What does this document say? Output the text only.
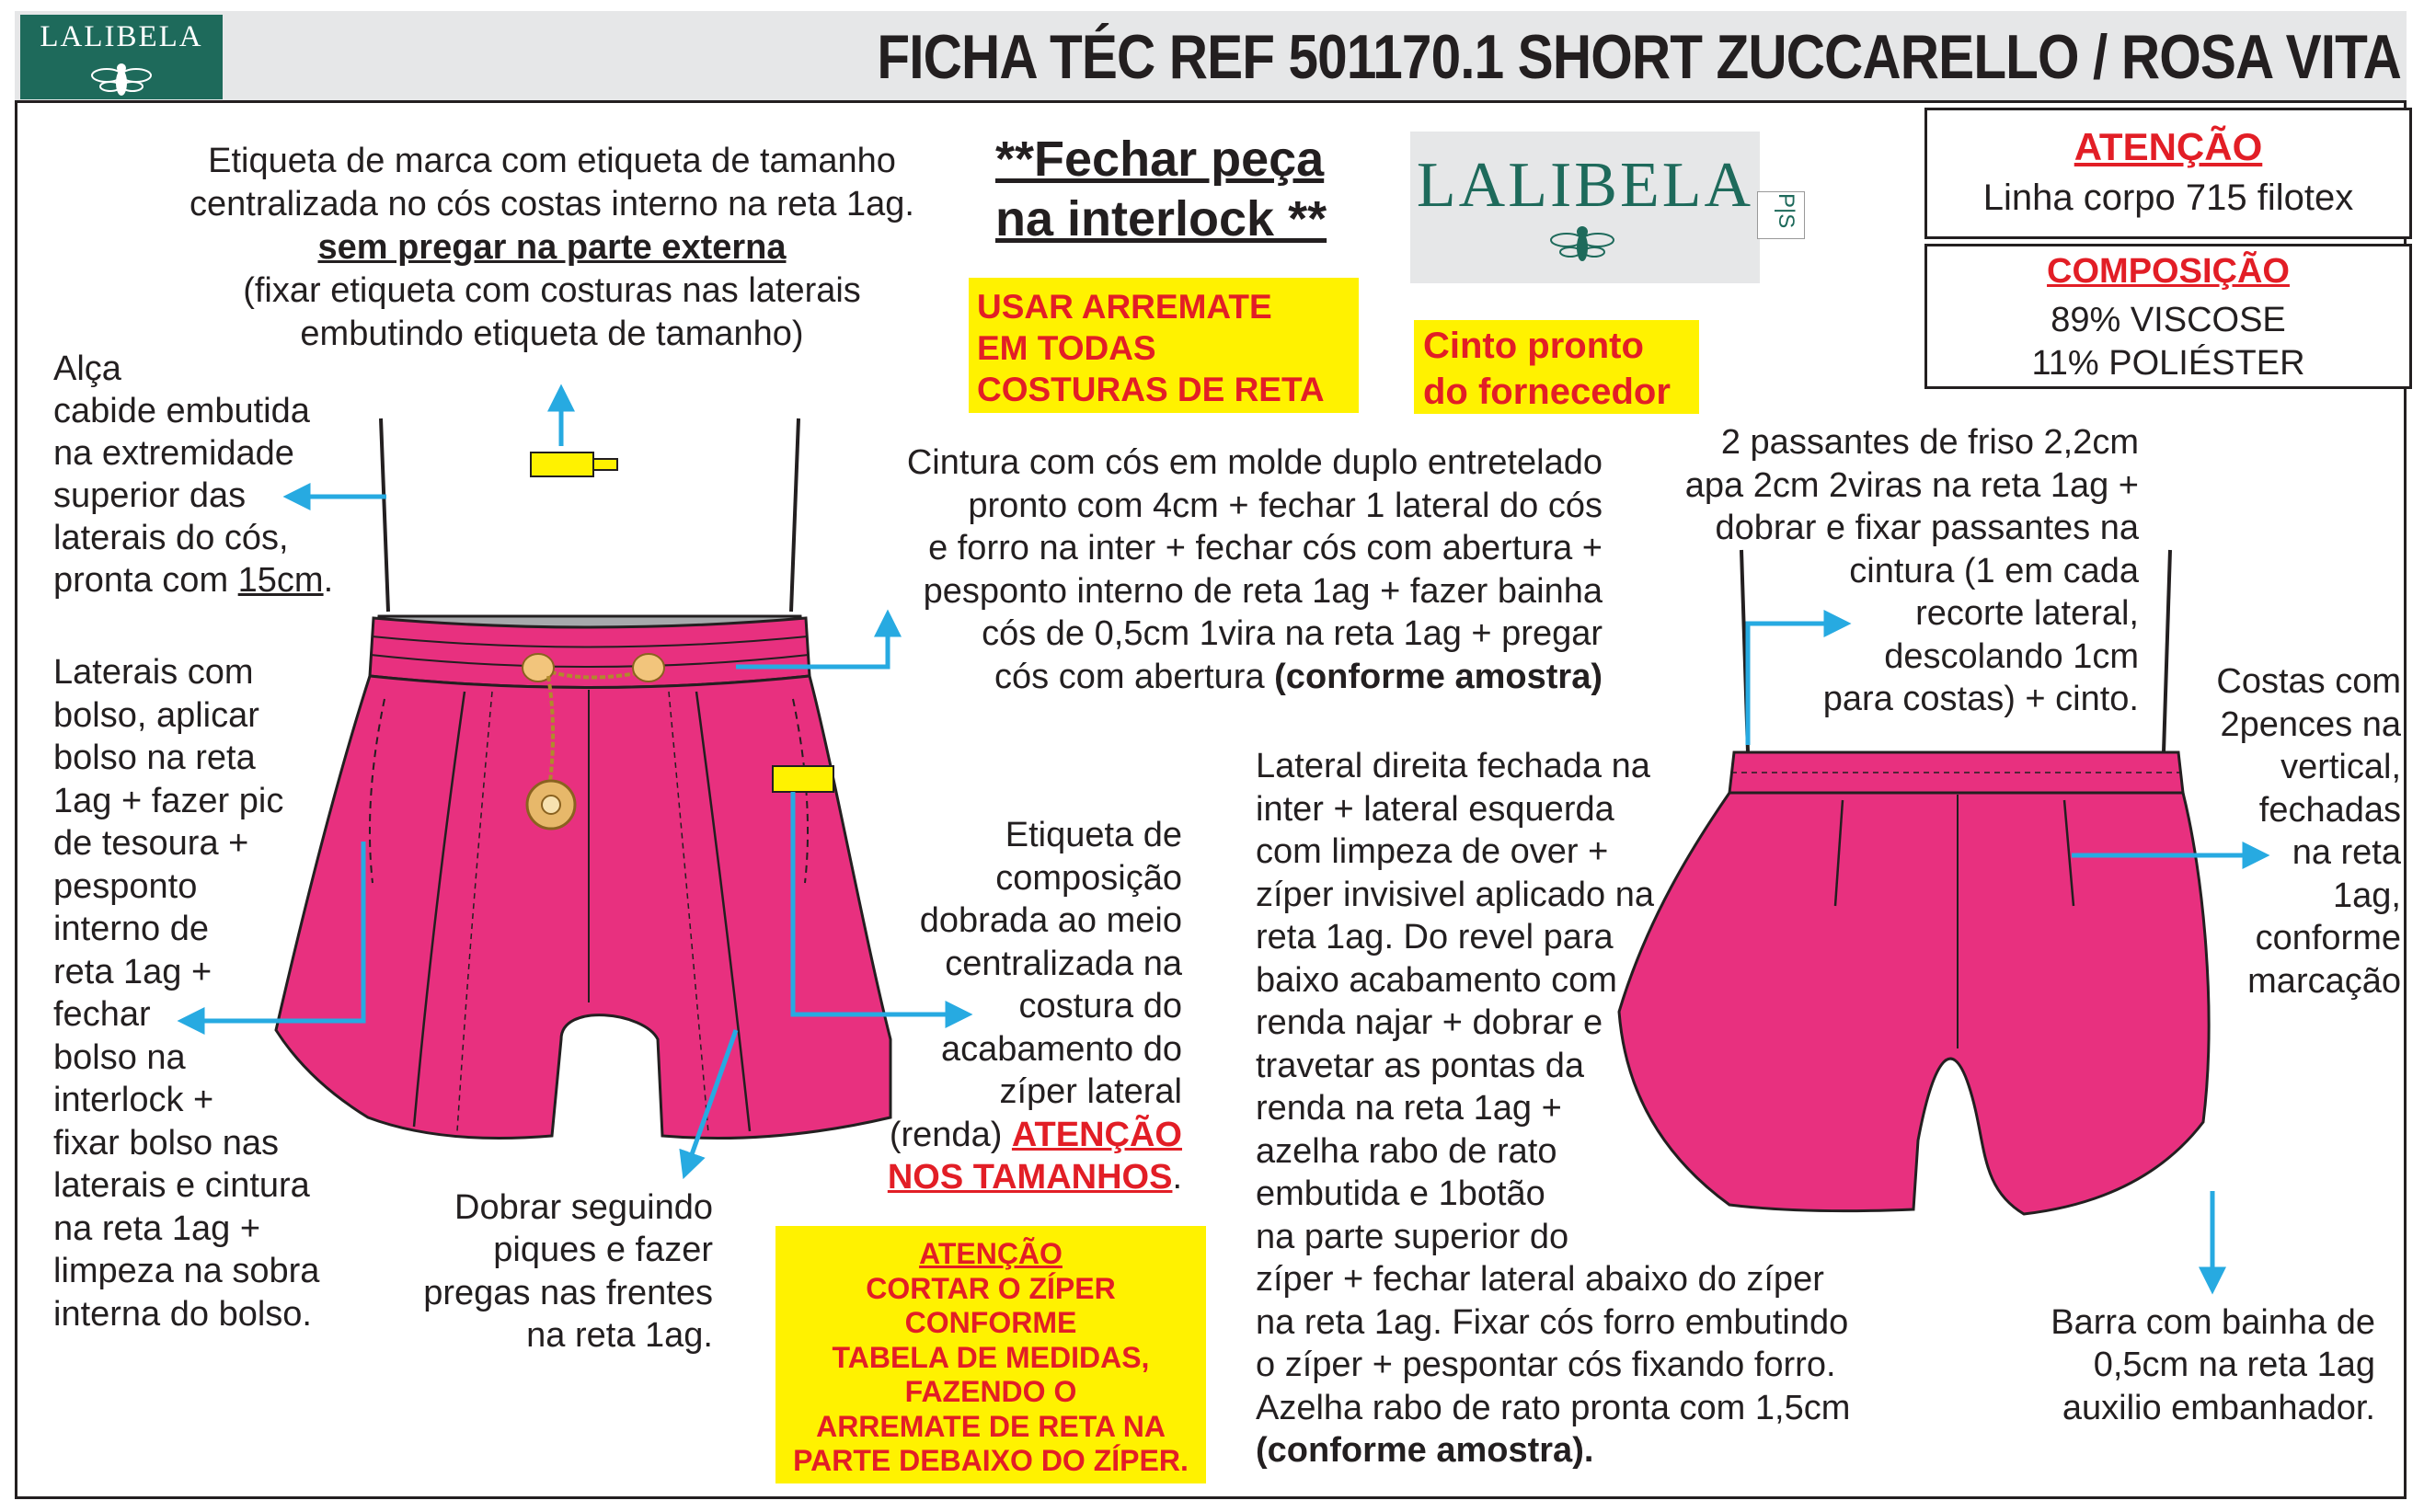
LALIBELA	FICHA TÉC REF 501170.1 SHORT ZUCCARELLO / ROSA VITA
ATENÇÃO
Linha corpo 715 filotex
COMPOSIÇÃO
89% VISCOSE
11% POLIÉSTER
LALIBELA P|S
**Fechar peça
na interlock **
USAR ARREMATE
EM TODAS
COSTURAS DE RETA
Cinto pronto
do fornecedor
Etiqueta de marca com etiqueta de tamanho
centralizada no cós costas interno na reta 1ag.
sem pregar na parte externa
(fixar etiqueta com costuras nas laterais
embutindo etiqueta de tamanho)
Alça
cabide embutida
na extremidade
superior das
laterais do cós,
pronta com 15cm.
Laterais com
bolso, aplicar
bolso na reta
1ag + fazer pic
de tesoura +
pesponto
interno de
reta 1ag +
fechar
bolso na
interlock +
fixar bolso nas
laterais e cintura
na reta 1ag +
limpeza na sobra
interna do bolso.
Cintura com cós em molde duplo entretelado
pronto com 4cm + fechar 1 lateral do cós
e forro na inter + fechar cós com abertura +
pesponto interno de reta 1ag + fazer bainha
cós de 0,5cm 1vira na reta 1ag + pregar
cós com abertura (conforme amostra)
2 passantes de friso 2,2cm
apa 2cm 2viras na reta 1ag +
dobrar e fixar passantes na
cintura (1 em cada
recorte lateral,
descolando 1cm
para costas) + cinto.	Costas com
2pences na
vertical,
fechadas
na reta
1ag,
conforme
marcação
Etiqueta de
composição
dobrada ao meio
centralizada na
costura do
acabamento do
zíper lateral
(renda) ATENÇÃO
NOS TAMANHOS.
Lateral direita fechada na
inter + lateral esquerda
com limpeza de over +
zíper invisivel aplicado na
reta 1ag. Do revel para
baixo acabamento com
renda najar + dobrar e
travetar as pontas da
renda na reta 1ag +
azelha rabo de rato
embutida e 1botão
na parte superior do
zíper + fechar lateral abaixo do zíper
na reta 1ag. Fixar cós forro embutindo
o zíper + pespontar cós fixando forro.
Azelha rabo de rato pronta com 1,5cm
(conforme amostra).
Dobrar seguindo
piques e fazer
pregas nas frentes
na reta 1ag.
ATENÇÃO
CORTAR O ZÍPER
CONFORME
TABELA DE MEDIDAS,
FAZENDO O
ARREMATE DE RETA NA
PARTE DEBAIXO DO ZÍPER.
Barra com bainha de
0,5cm na reta 1ag
auxilio embanhador.
